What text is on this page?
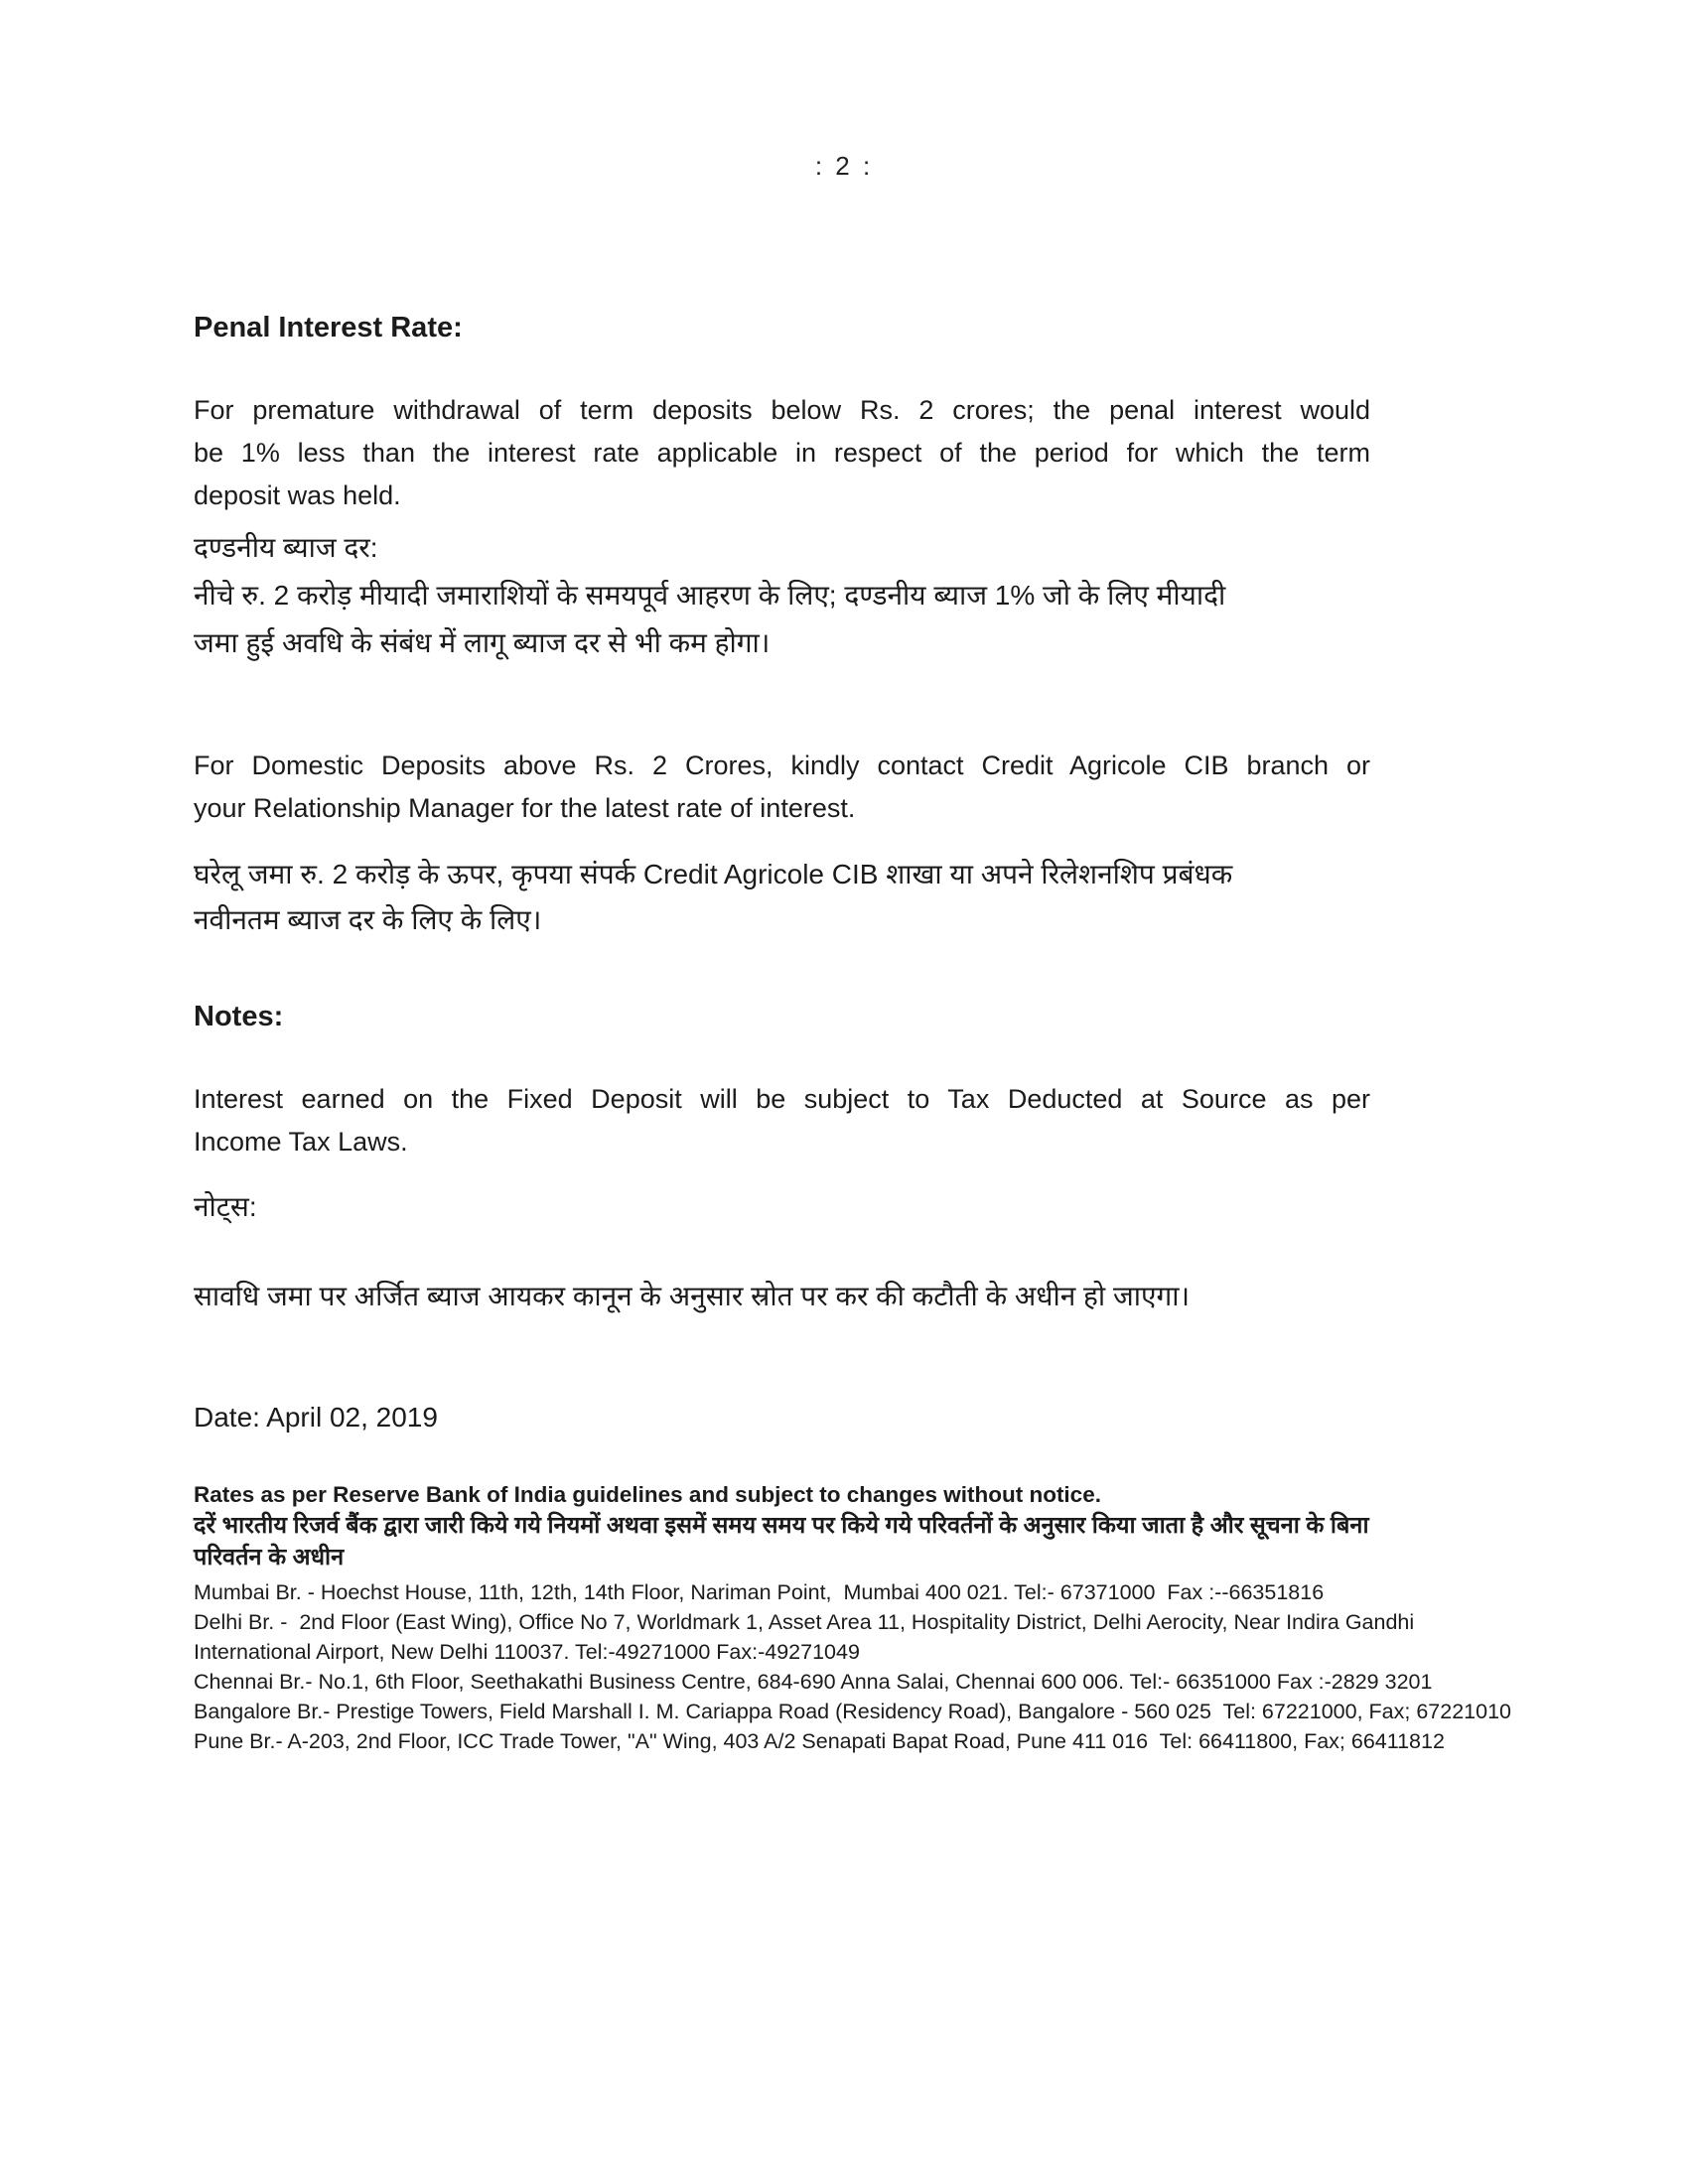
: 2 :
Penal Interest Rate:
For premature withdrawal of term deposits below Rs. 2 crores; the penal interest would
be 1% less than the interest rate applicable in respect of the period for which the term
deposit was held.
दण्डनीय ब्याज दर:
नीचे रु. 2 करोड़ मीयादी जमाराशियों के समयपूर्व आहरण के लिए; दण्डनीय ब्याज 1% जो के लिए मीयादी
जमा हुई अवधि के संबंध में लागू ब्याज दर से भी कम होगा।
For Domestic Deposits above Rs. 2 Crores, kindly contact Credit Agricole CIB branch or
your Relationship Manager for the latest rate of interest.
घरेलू जमा रु. 2 करोड़ के ऊपर, कृपया संपर्क Credit Agricole CIB शाखा या अपने रिलेशनशिप प्रबंधक
नवीनतम ब्याज दर के लिए के लिए।
Notes:
Interest earned on the Fixed Deposit will be subject to Tax Deducted at Source as per
Income Tax Laws.
नोट्स:
सावधि जमा पर अर्जित ब्याज आयकर कानून के अनुसार स्रोत पर कर की कटौती के अधीन हो जाएगा।
Date: April 02, 2019
Rates as per Reserve Bank of India guidelines and subject to changes without notice.
दरें भारतीय रिजर्व बैंक द्वारा जारी किये गये नियमों अथवा इसमें समय समय पर किये गये परिवर्तनों के अनुसार किया जाता है और सूचना के बिना
परिवर्तन के अधीन
Mumbai Br. - Hoechst House, 11th, 12th, 14th Floor, Nariman Point,  Mumbai 400 021. Tel:- 67371000  Fax :--66351816
Delhi Br. -  2nd Floor (East Wing), Office No 7, Worldmark 1, Asset Area 11, Hospitality District, Delhi Aerocity, Near Indira Gandhi
International Airport, New Delhi 110037. Tel:-49271000 Fax:-49271049
Chennai Br.- No.1, 6th Floor, Seethakathi Business Centre, 684-690 Anna Salai, Chennai 600 006. Tel:- 66351000 Fax :-2829 3201
Bangalore Br.- Prestige Towers, Field Marshall I. M. Cariappa Road (Residency Road), Bangalore - 560 025  Tel: 67221000, Fax; 67221010
Pune Br.- A-203, 2nd Floor, ICC Trade Tower, "A" Wing, 403 A/2 Senapati Bapat Road, Pune 411 016  Tel: 66411800, Fax; 66411812
